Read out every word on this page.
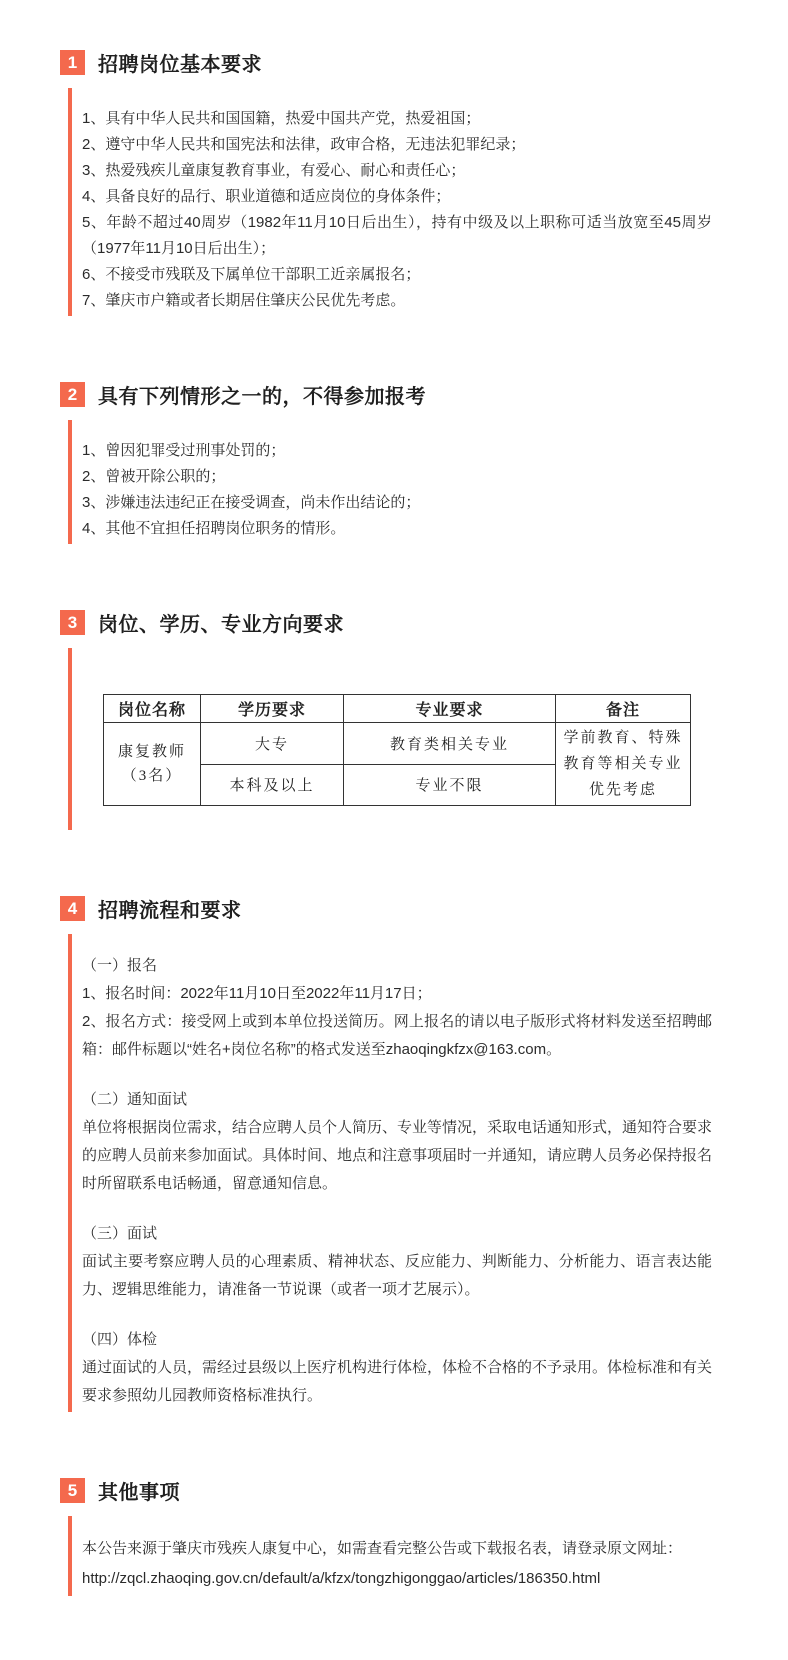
1	招聘岗位基本要求

1、具有中华人民共和国国籍，热爱中国共产党，热爱祖国；

2、遵守中华人民共和国宪法和法律，政审合格，无违法犯罪纪录；

3、热爱残疾儿童康复教育事业，有爱心、耐心和责任心；

4、具备良好的品行、职业道德和适应岗位的身体条件；

5、年龄不超过40周岁（1982年11月10日后出生），持有中级及以上职称可适当放宽至45周岁（1977年11月10日后出生）；

6、不接受市残联及下属单位干部职工近亲属报名；

7、肇庆市户籍或者长期居住肇庆公民优先考虑。

2	具有下列情形之一的，不得参加报考

1、曾因犯罪受过刑事处罚的；

2、曾被开除公职的；

3、涉嫌违法违纪正在接受调查，尚未作出结论的；

4、其他不宜担任招聘岗位职务的情形。

3	岗位、学历、专业方向要求
岗位名称	学历要求	专业要求	备注

康复教师
（3名）	大专	教育类相关专业	学前教育、特殊教育等相关专业优先考虑
	本科及以上	专业不限	
4	招聘流程和要求

（一）报名

1、报名时间：2022年11月10日至2022年11月17日；

2、报名方式：接受网上或到本单位投送简历。网上报名的请以电子版形式将材料发送至招聘邮箱：邮件标题以“姓名+岗位名称”的格式发送至zhaoqingkfzx@163.com。

（二）通知面试

单位将根据岗位需求，结合应聘人员个人简历、专业等情况，采取电话通知形式，通知符合要求的应聘人员前来参加面试。具体时间、地点和注意事项届时一并通知，请应聘人员务必保持报名时所留联系电话畅通，留意通知信息。

（三）面试

面试主要考察应聘人员的心理素质、精神状态、反应能力、判断能力、分析能力、语言表达能力、逻辑思维能力，请准备一节说课（或者一项才艺展示）。

（四）体检

通过面试的人员，需经过县级以上医疗机构进行体检，体检不合格的不予录用。体检标准和有关要求参照幼儿园教师资格标准执行。

5	其他事项

本公告来源于肇庆市残疾人康复中心，如需查看完整公告或下载报名表，请登录原文网址：

http://zqcl.zhaoqing.gov.cn/default/a/kfzx/tongzhigonggao/articles/186350.html
